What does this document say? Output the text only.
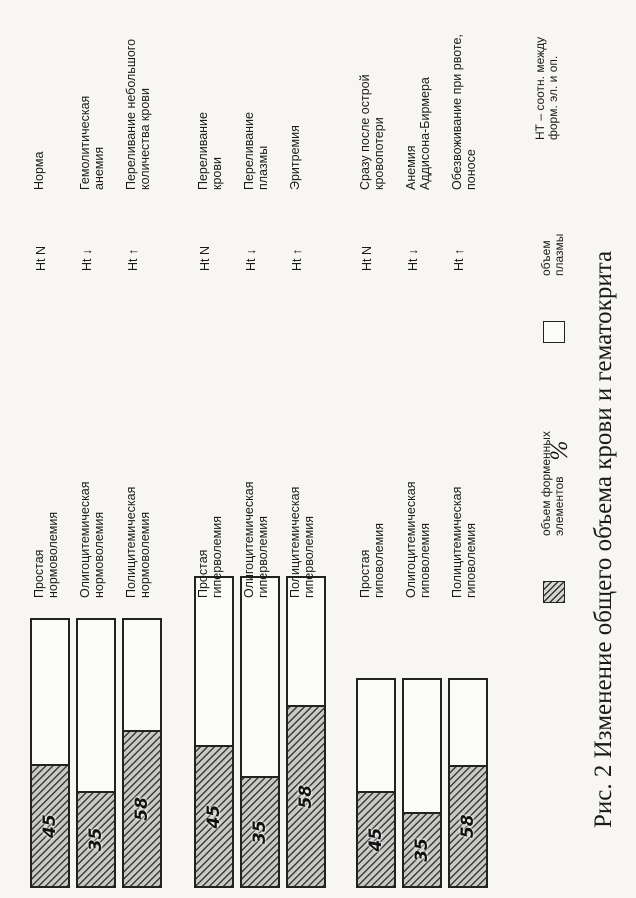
45
Простая
нормоволемия
Нt N
Норма
35
Олигоцитемическая
нормоволемия
Нt ↓
Гемолитическая
анемия
58
Полицитемическая
нормоволемия
Нt ↑
Переливание небольшого
количества крови
45
Простая
гиперволемия
Нt N
Переливание
крови
35
Олигоцитемическая
гиперволемия
Нt ↓
Переливание
плазмы
58
Полицитемическая
гиперволемия
Нt ↑
Эритремия
45
Простая
гиповолемия
Нt N
Сразу после острой
кровопотери
35
Олигоцитемическая
гиповолемия
Нt ↓
Анемия
Аддисона-Бирмера
58
Полицитемическая
гиповолемия
Нt ↑
Обезвоживание при рвоте,
поносе
объем форменных
элементов
%
объем
плазмы
НТ – соотн. между
форм. эл. и оп.
Рис. 2 Изменение общего объема крови и гематокрита
